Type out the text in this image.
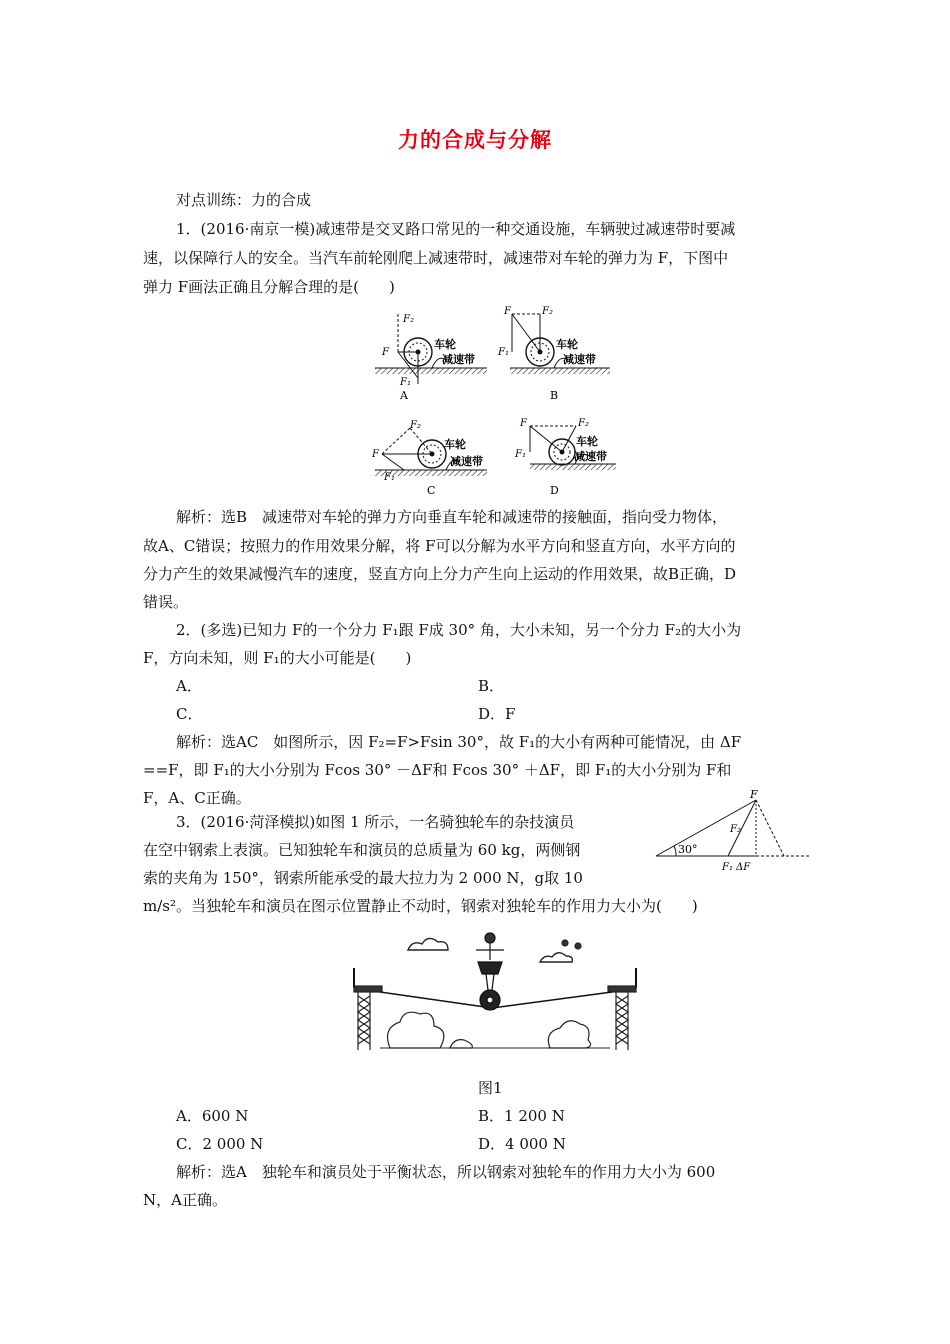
力的合成与分解
对点训练：力的合成
1．(2016·南京一模)减速带是交叉路口常见的一种交通设施，车辆驶过减速带时要减
速，以保障行人的安全。当汽车前轮刚爬上减速带时，减速带对车轮的弹力为 F，下图中
弹力 F画法正确且分解合理的是(　　)
F₂
F
F₁
车轮
减速带
A
F	F₂
F₁
车轮
减速带
B
F₂
F
F₁
车轮
减速带
C
F	F₂
F₁
车轮
减速带
D
解析：选B　减速带对车轮的弹力方向垂直车轮和减速带的接触面，指向受力物体，
故A、C错误；按照力的作用效果分解，将 F可以分解为水平方向和竖直方向，水平方向的
分力产生的效果减慢汽车的速度，竖直方向上分力产生向上运动的作用效果，故B正确，D
错误。
2．(多选)已知力 F的一个分力 F₁跟 F成 30° 角，大小未知，另一个分力 F₂的大小为
F，方向未知，则 F₁的大小可能是(　　)
A．	B．
C．	D．F
解析：选AC　如图所示，因 F₂=F>Fsin 30°，故 F₁的大小有两种可能情况，由 ΔF
==F，即 F₁的大小分别为 Fcos 30° －ΔF和 Fcos 30° ＋ΔF，即 F₁的大小分别为 F和
F，A、C正确。	F
F₂
30°
F₁ ΔF
3．(2016·菏泽模拟)如图 1 所示，一名骑独轮车的杂技演员
在空中钢索上表演。已知独轮车和演员的总质量为 60 kg，两侧钢
索的夹角为 150°，钢索所能承受的最大拉力为 2 000 N，g取 10
m/s²。当独轮车和演员在图示位置静止不动时，钢索对独轮车的作用力大小为(　　)
图1
A．600 N	B．1 200 N
C．2 000 N	D．4 000 N
解析：选A　独轮车和演员处于平衡状态，所以钢索对独轮车的作用力大小为 600
N，A正确。
